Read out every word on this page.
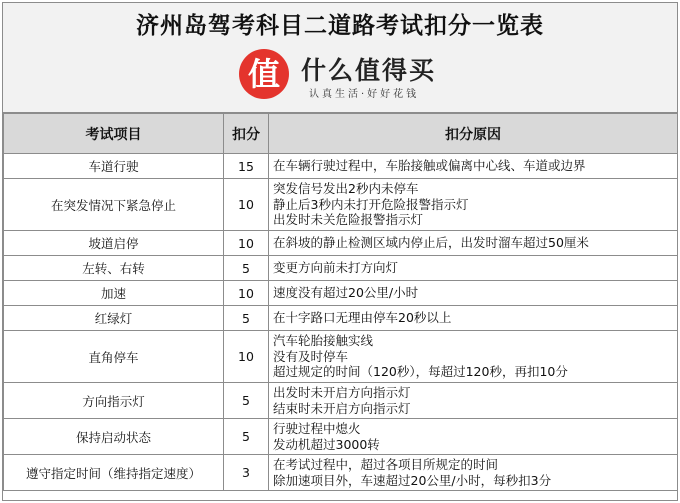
济州岛驾考科目二道路考试扣分一览表
值 什么值得买
认真生活·好好花钱
考试项目	扣分	扣分原因
车道行驶	15	在车辆行驶过程中，车胎接触或偏离中心线、车道或边界

在突发情况下紧急停止	10	突发信号发出2秒内未停车
静止后3秒内未打开危险报警指示灯
出发时未关危险报警指示灯

坡道启停	10	在斜坡的静止检测区域内停止后，出发时溜车超过50厘米

左转、右转	5	变更方向前未打方向灯

加速	10	速度没有超过20公里/小时

红绿灯	5	在十字路口无理由停车20秒以上

直角停车	10	汽车轮胎接触实线
没有及时停车
超过规定的时间（120秒），每超过120秒，再扣10分

方向指示灯	5	出发时未开启方向指示灯
结束时未开启方向指示灯

保持启动状态	5	行驶过程中熄火
发动机超过3000转

遵守指定时间（维持指定速度）	3	在考试过程中，超过各项目所规定的时间
除加速项目外，车速超过20公里/小时，每秒扣3分
